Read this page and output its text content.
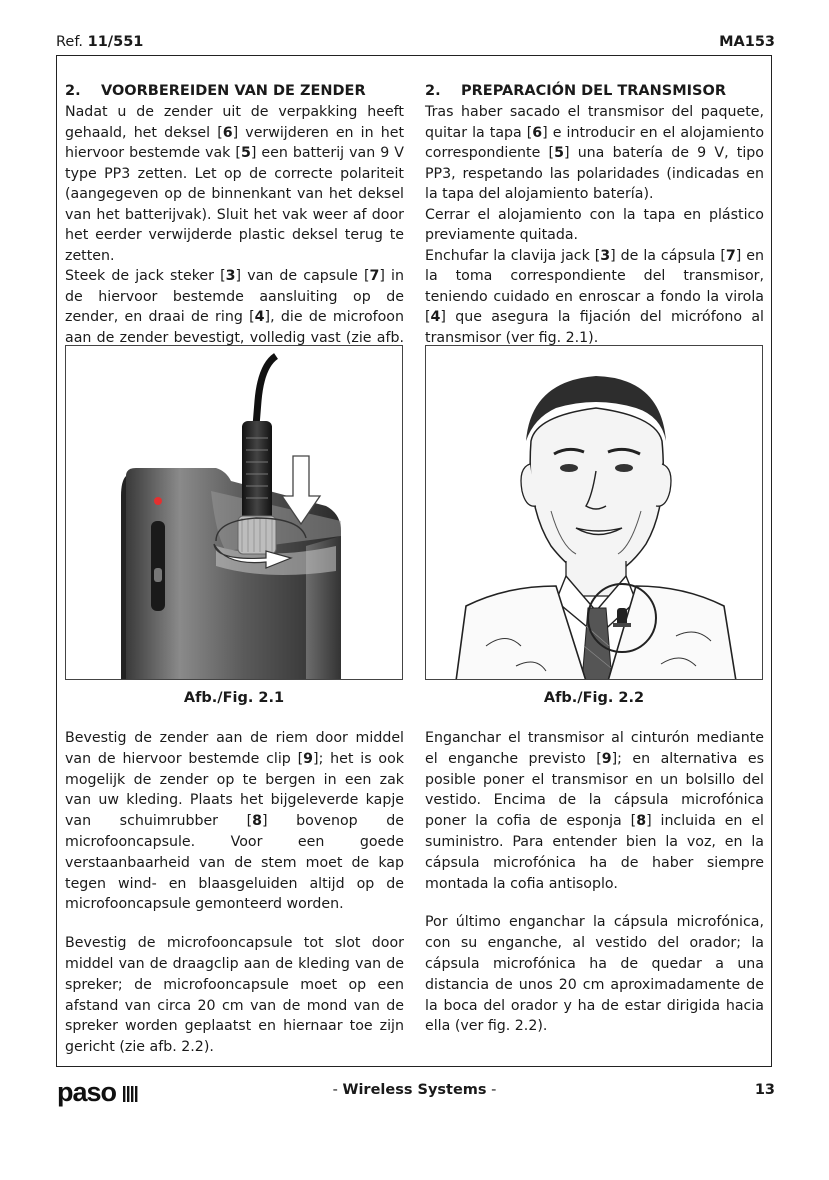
Ref. 11/551	MA153
2. VOORBEREIDEN VAN DE ZENDER

Nadat u de zender uit de verpakking heeft gehaald, het deksel [6] verwijderen en in het hiervoor bestemde vak [5] een batterij van 9 V type PP3 zetten. Let op de correcte polariteit (aangegeven op de binnenkant van het deksel van het batterijvak). Sluit het vak weer af door het eerder verwijderde plastic deksel terug te zetten.

Steek de jack steker [3] van de capsule [7] in de hiervoor bestemde aansluiting op de zender, en draai de ring [4], die de microfoon aan de zender bevestigt, volledig vast (zie afb.

2. PREPARACIÓN DEL TRANSMISOR

Tras haber sacado el transmisor del paquete, quitar la tapa [6] e introducir en el alojamiento correspondiente [5] una batería de 9 V, tipo PP3, respetando las polaridades (indicadas en la tapa del alojamiento batería).

Cerrar el alojamiento con la tapa en plástico previamente quitada.

Enchufar la clavija jack [3] de la cápsula [7] en la toma correspondiente del transmisor, teniendo cuidado en enroscar a fondo la virola [4] que asegura la fijación del micrófono al transmisor (ver fig. 2.1).

Afb./Fig. 2.1	Afb./Fig. 2.2

Bevestig de zender aan de riem door middel van de hiervoor bestemde clip [9]; het is ook mogelijk de zender op te bergen in een zak van uw kleding. Plaats het bijgeleverde kapje van schuimrubber [8] bovenop de microfooncapsule. Voor een goede verstaanbaarheid van de stem moet de kap tegen wind- en blaasgeluiden altijd op de microfooncapsule gemonteerd worden.

Bevestig de microfooncapsule tot slot door middel van de draagclip aan de kleding van de spreker; de microfooncapsule moet op een afstand van circa 20 cm van de mond van de spreker worden geplaatst en hiernaar toe zijn gericht (zie afb. 2.2).

Enganchar el transmisor al cinturón mediante el enganche previsto [9]; en alternativa es posible poner el transmisor en un bolsillo del vestido. Encima de la cápsula microfónica poner la cofia de esponja [8] incluida en el suministro. Para entender bien la voz, en la cápsula microfónica ha de haber siempre montada la cofia antisoplo.

Por último enganchar la cápsula microfónica, con su enganche, al vestido del orador; la cápsula microfónica ha de quedar a una distancia de unos 20 cm aproximadamente de la boca del orador y ha de estar dirigida hacia ella (ver fig. 2.2).

paso	- Wireless Systems -	13
